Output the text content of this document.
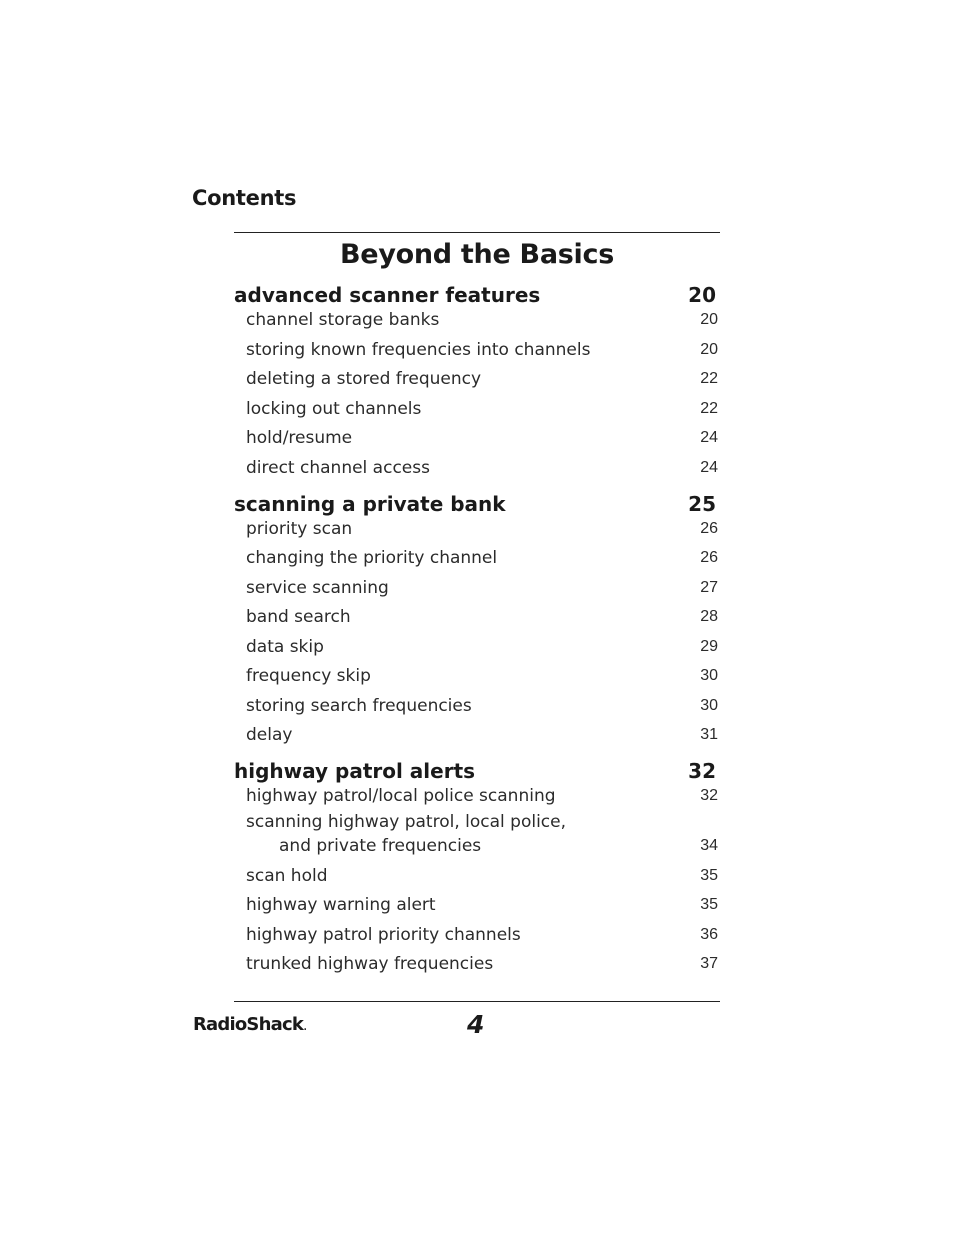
Contents
Beyond the Basics
advanced scanner features	20
channel storage banks	20
storing known frequencies into channels	20
deleting a stored frequency	22
locking out channels	22
hold/resume	24
direct channel access	24
scanning a private bank	25
priority scan	26
changing the priority channel	26
service scanning	27
band search	28
data skip	29
frequency skip	30
storing search frequencies	30
delay	31
highway patrol alerts	32
highway patrol/local police scanning	32
scanning highway patrol, local police,
and private frequencies	34
scan hold	35
highway warning alert	35
highway patrol priority channels	36
trunked highway frequencies	37
RadioShack.	4
